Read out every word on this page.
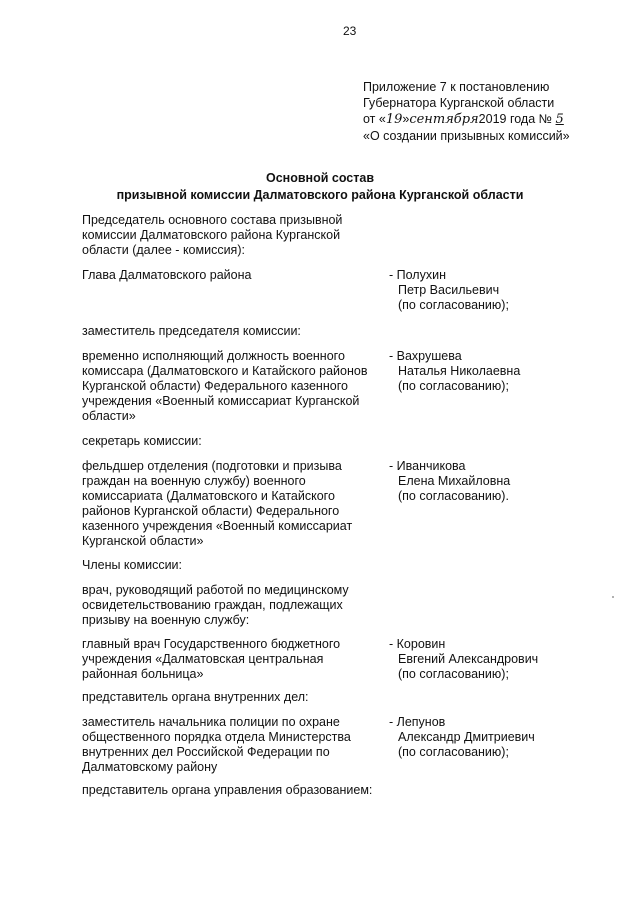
23
Приложение 7 к постановлению
Губернатора Курганской области
от «19»сентября2019 года № 5
«О создании призывных комиссий»
Основной состав
призывной комиссии Далматовского района Курганской области
Председатель основного состава призывной
комиссии Далматовского района Курганской
области (далее - комиссия):
Глава Далматовского района	- Полухин
Петр Васильевич
(по согласованию);
заместитель председателя комиссии:
временно исполняющий должность военного
комиссара (Далматовского и Катайского районов
Курганской области) Федерального казенного
учреждения «Военный комиссариат Курганской
области»
- Вахрушева
Наталья Николаевна
(по согласованию);
секретарь комиссии:
фельдшер отделения (подготовки и призыва
граждан на военную службу) военного
комиссариата (Далматовского и Катайского
районов Курганской области) Федерального
казенного учреждения «Военный комиссариат
Курганской области»
- Иванчикова
Елена Михайловна
(по согласованию).
Члены комиссии:
врач, руководящий работой по медицинскому
освидетельствованию граждан, подлежащих
призыву на военную службу:
главный врач Государственного бюджетного
учреждения «Далматовская центральная
районная больница»
- Коровин
Евгений Александрович
(по согласованию);
представитель органа внутренних дел:
заместитель начальника полиции по охране
общественного порядка отдела Министерства
внутренних дел Российской Федерации по
Далматовскому району
- Лепунов
Александр Дмитриевич
(по согласованию);
представитель органа управления образованием:
